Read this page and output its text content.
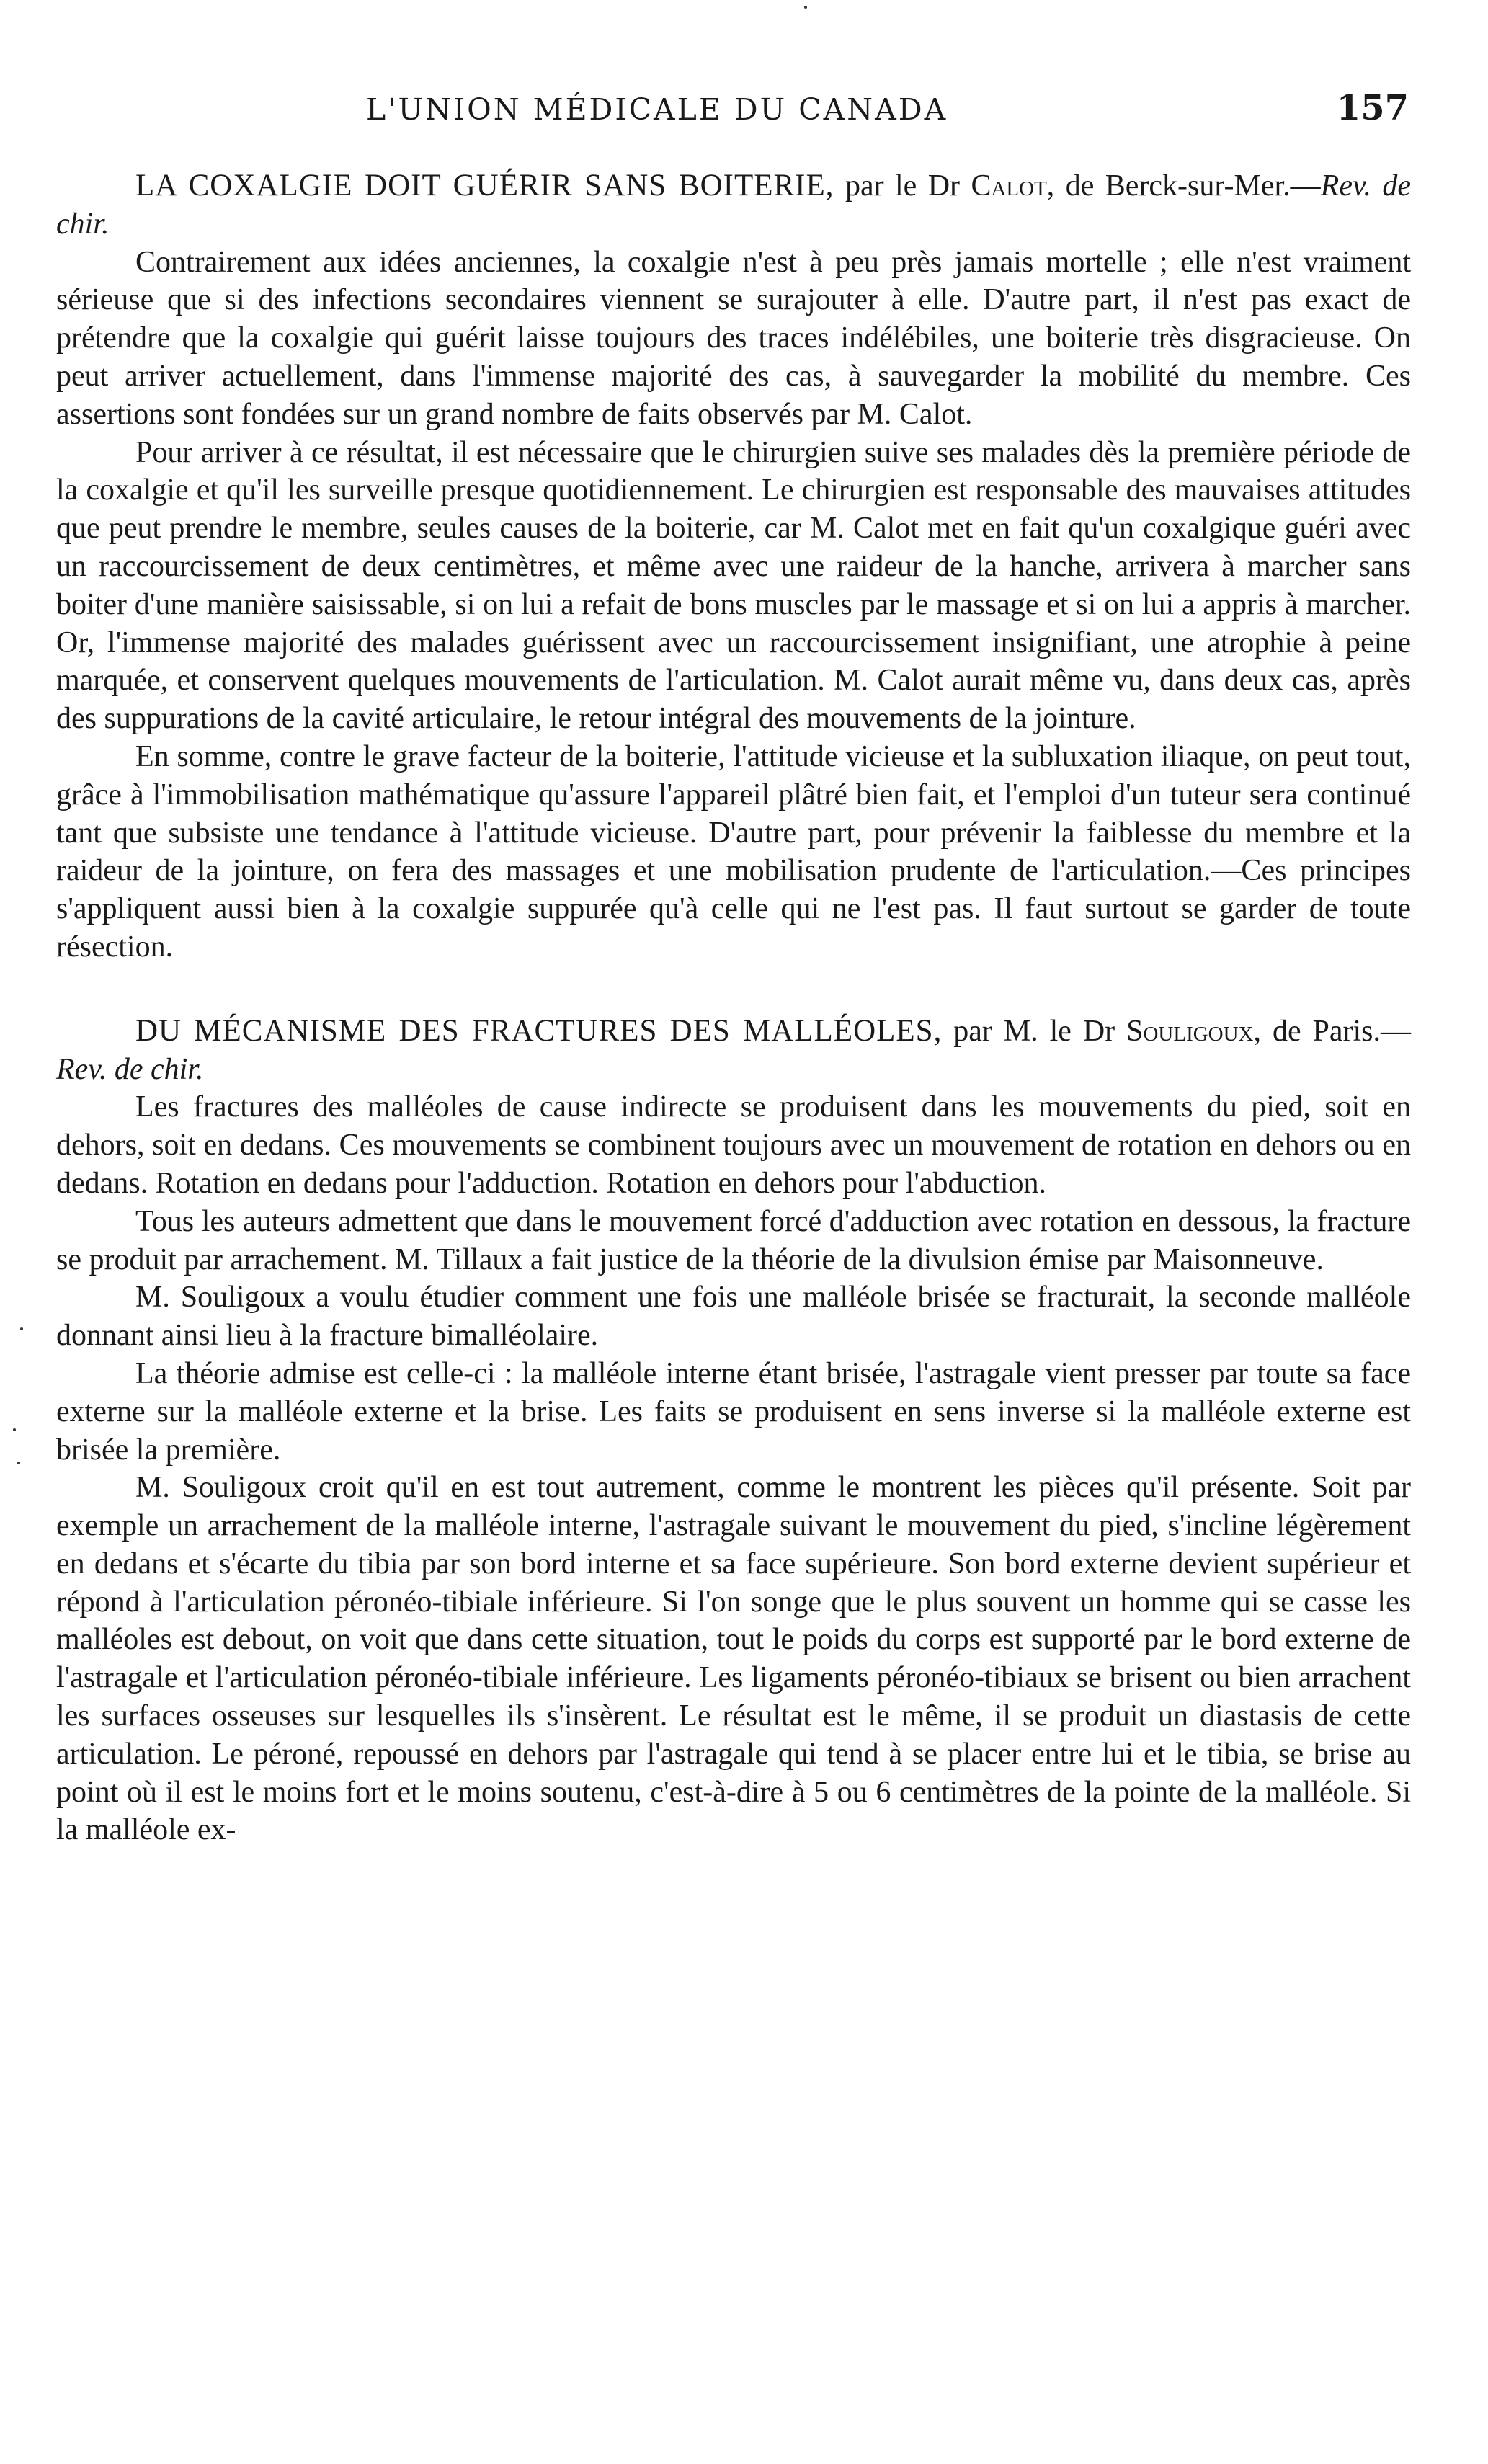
L'UNION MÉDICALE DU CANADA	157

LA COXALGIE DOIT GUÉRIR SANS BOITERIE, par le Dr Calot, de Berck-sur-Mer.—Rev. de chir.

Contrairement aux idées anciennes, la coxalgie n'est à peu près jamais mortelle ; elle n'est vraiment sérieuse que si des infections secondaires viennent se surajouter à elle. D'autre part, il n'est pas exact de prétendre que la coxalgie qui guérit laisse toujours des traces indélébiles, une boiterie très disgracieuse. On peut arriver actuellement, dans l'immense majorité des cas, à sauvegarder la mobilité du membre. Ces assertions sont fondées sur un grand nombre de faits observés par M. Calot.

Pour arriver à ce résultat, il est nécessaire que le chirurgien suive ses malades dès la première période de la coxalgie et qu'il les surveille presque quotidiennement. Le chirurgien est responsable des mauvaises attitudes que peut prendre le membre, seules causes de la boiterie, car M. Calot met en fait qu'un coxalgique guéri avec un raccourcissement de deux centimètres, et même avec une raideur de la hanche, arrivera à marcher sans boiter d'une manière saisissable, si on lui a refait de bons muscles par le massage et si on lui a appris à marcher. Or, l'immense majorité des malades guérissent avec un raccourcissement insignifiant, une atrophie à peine marquée, et conservent quelques mouvements de l'articulation. M. Calot aurait même vu, dans deux cas, après des suppurations de la cavité articulaire, le retour intégral des mouvements de la jointure.

En somme, contre le grave facteur de la boiterie, l'attitude vicieuse et la subluxation iliaque, on peut tout, grâce à l'immobilisation mathématique qu'assure l'appareil plâtré bien fait, et l'emploi d'un tuteur sera continué tant que subsiste une tendance à l'attitude vicieuse. D'autre part, pour prévenir la faiblesse du membre et la raideur de la jointure, on fera des massages et une mobilisation prudente de l'articulation.—Ces principes s'appliquent aussi bien à la coxalgie suppurée qu'à celle qui ne l'est pas. Il faut surtout se garder de toute résection.

DU MÉCANISME DES FRACTURES DES MALLÉOLES, par M. le Dr Souligoux, de Paris.—Rev. de chir.

Les fractures des malléoles de cause indirecte se produisent dans les mouvements du pied, soit en dehors, soit en dedans. Ces mouvements se combinent toujours avec un mouvement de rotation en dehors ou en dedans. Rotation en dedans pour l'adduction. Rotation en dehors pour l'abduction.

Tous les auteurs admettent que dans le mouvement forcé d'adduction avec rotation en dessous, la fracture se produit par arrachement. M. Tillaux a fait justice de la théorie de la divulsion émise par Maisonneuve.

M. Souligoux a voulu étudier comment une fois une malléole brisée se fracturait, la seconde malléole donnant ainsi lieu à la fracture bimalléolaire.

La théorie admise est celle-ci : la malléole interne étant brisée, l'astragale vient presser par toute sa face externe sur la malléole externe et la brise. Les faits se produisent en sens inverse si la malléole externe est brisée la première.

M. Souligoux croit qu'il en est tout autrement, comme le montrent les pièces qu'il présente. Soit par exemple un arrachement de la malléole interne, l'astragale suivant le mouvement du pied, s'incline légèrement en dedans et s'écarte du tibia par son bord interne et sa face supérieure. Son bord externe devient supérieur et répond à l'articulation péronéo-tibiale inférieure. Si l'on songe que le plus souvent un homme qui se casse les malléoles est debout, on voit que dans cette situation, tout le poids du corps est supporté par le bord externe de l'astragale et l'articulation péronéo-tibiale inférieure. Les ligaments péronéo-tibiaux se brisent ou bien arrachent les surfaces osseuses sur lesquelles ils s'insèrent. Le résultat est le même, il se produit un diastasis de cette articulation. Le péroné, repoussé en dehors par l'astragale qui tend à se placer entre lui et le tibia, se brise au point où il est le moins fort et le moins soutenu, c'est-à-dire à 5 ou 6 centimètres de la pointe de la malléole. Si la malléole ex-
